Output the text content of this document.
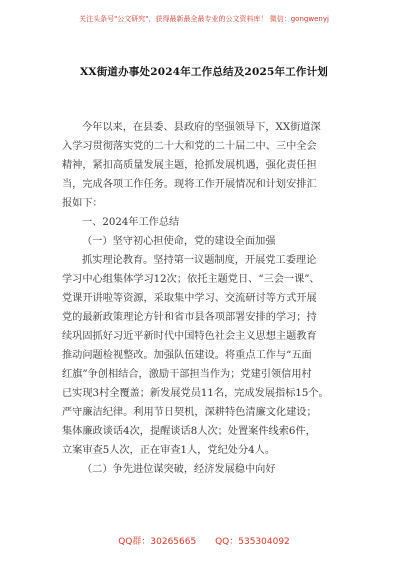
关注头条号"公文研究"，获得最新最全最专业的公文资料库！ 微信：gongwenyj
XX街道办事处2024年工作总结及2025年工作计划
今年以来，在县委、县政府的坚强领导下，XX街道深
入学习贯彻落实党的二十大和党的二十届二中、三中全会
精神，紧扣高质量发展主题，抢抓发展机遇，强化责任担
当，完成各项工作任务。现将工作开展情况和计划安排汇
报如下：
一、2024年工作总结
（一）坚守初心担使命，党的建设全面加强
抓实理论教育。坚持第一议题制度，开展党工委理论
学习中心组集体学习12次；依托主题党日、“三会一课”、
党课开讲啦等资源，采取集中学习、交流研讨等方式开展
党的最新政策理论方针和省市县各项部署安排的学习；持
续巩固抓好习近平新时代中国特色社会主义思想主题教育
推动问题检视整改。加强队伍建设。将重点工作与“五面
红旗”争创相结合，激励干部担当作为；党建引领信用村
已实现3村全覆盖；新发展党员11名，完成发展指标15个。
严守廉洁纪律。利用节日契机，深耕特色清廉文化建设；
集体廉政谈话4次，提醒谈话8人次；处置案件线索6件，
立案审查5人次，正在审查1人，党纪处分4人。
（二）争先进位谋突破，经济发展稳中向好
QQ群：30265665 QQ：535304092
